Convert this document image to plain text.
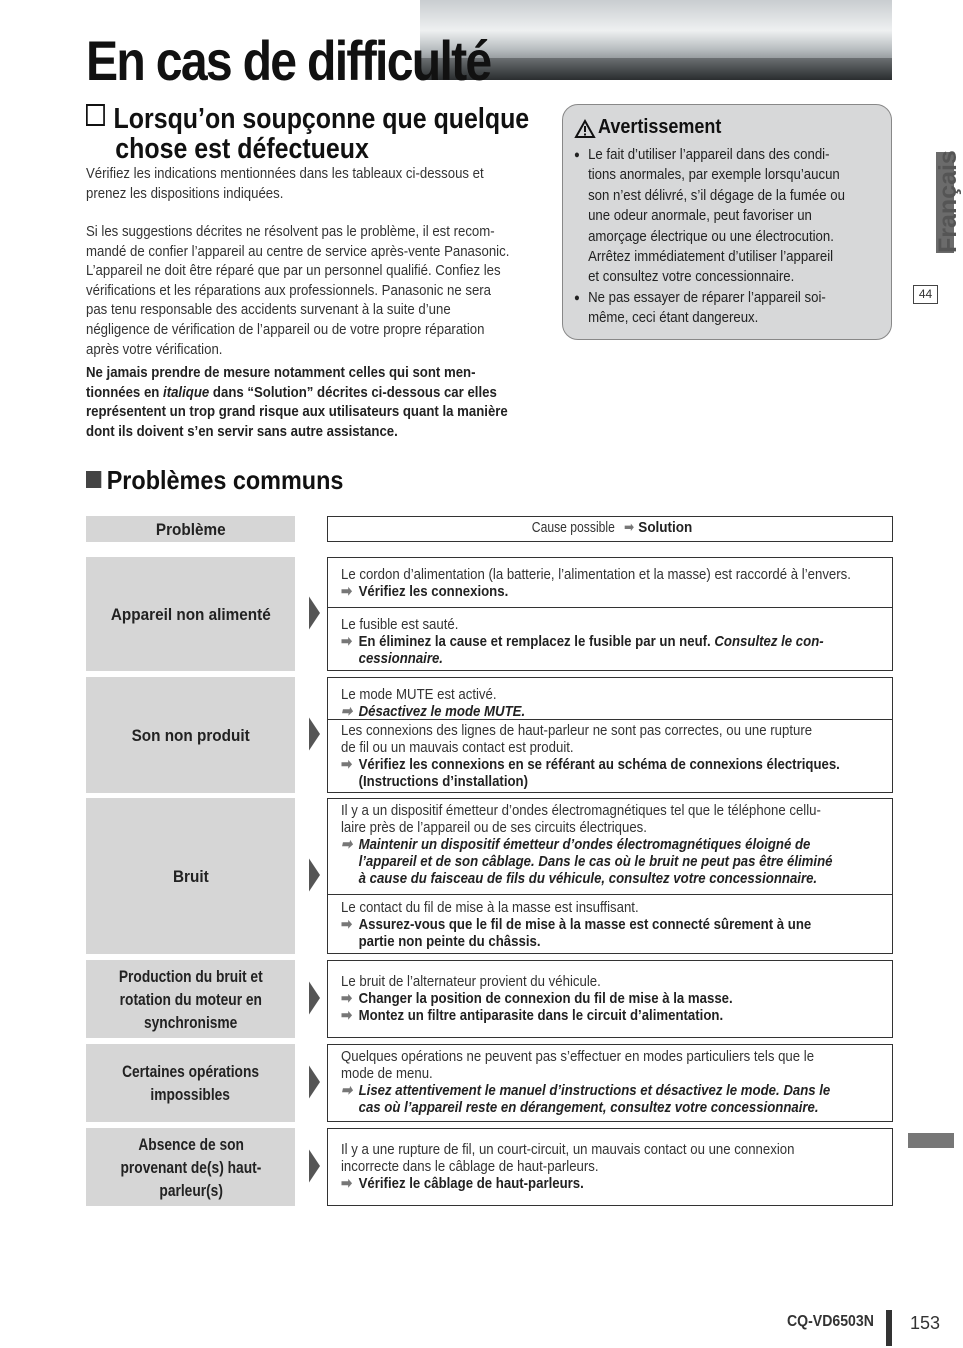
En cas de difficulté
Lorsqu’on soupçonne que quelque
chose est défectueux
Vérifiez les indications mentionnées dans les tableaux ci-dessous et
prenez les dispositions indiquées.
Si les suggestions décrites ne résolvent pas le problème, il est recom-
mandé de confier l’appareil au centre de service après-vente Panasonic.
L’appareil ne doit être réparé que par un personnel qualifié. Confiez les
vérifications et les réparations aux professionnels. Panasonic ne sera
pas tenu responsable des accidents survenant à la suite d’une
négligence de vérification de l’appareil ou de votre propre réparation
après votre vérification.
Ne jamais prendre de mesure notamment celles qui sont men-
tionnées en italique dans “Solution” décrites ci-dessous car elles
représentent un trop grand risque aux utilisateurs quant la manière
dont ils doivent s’en servir sans autre assistance.
Avertissement
● Le fait d’utiliser l’appareil dans des condi-
tions anormales, par exemple lorsqu’aucun
son n’est délivré, s’il dégage de la fumée ou
une odeur anormale, peut favoriser un
amorçage électrique ou une électrocution.
Arrêtez immédiatement d’utiliser l’appareil
et consultez votre concessionnaire.
● Ne pas essayer de réparer l’appareil soi-
même, ceci étant dangereux.
Français
44
Problèmes communs
Problème	Cause possible ➡ Solution
Appareil non alimenté
Le cordon d’alimentation (la batterie, l’alimentation et la masse) est raccordé à l’envers.
➡ Vérifiez les connexions.
Le fusible est sauté.
➡ En éliminez la cause et remplacez le fusible par un neuf. Consultez le con-
cessionnaire.
Son non produit
Le mode MUTE est activé.
➡ Désactivez le mode MUTE.
Les connexions des lignes de haut-parleur ne sont pas correctes, ou une rupture
de fil ou un mauvais contact est produit.
➡ Vérifiez les connexions en se référant au schéma de connexions électriques.
(Instructions d’installation)
Bruit
Il y a un dispositif émetteur d’ondes électromagnétiques tel que le téléphone cellu-
laire près de l’appareil ou de ses circuits électriques.
➡ Maintenir un dispositif émetteur d’ondes électromagnétiques éloigné de
l’appareil et de son câblage. Dans le cas où le bruit ne peut pas être éliminé
à cause du faisceau de fils du véhicule, consultez votre concessionnaire.
Le contact du fil de mise à la masse est insuffisant.
➡ Assurez-vous que le fil de mise à la masse est connecté sûrement à une
partie non peinte du châssis.
Production du bruit et
rotation du moteur en
synchronisme
Le bruit de l’alternateur provient du véhicule.
➡ Changer la position de connexion du fil de mise à la masse.
➡ Montez un filtre antiparasite dans le circuit d’alimentation.
Certaines opérations
impossibles
Quelques opérations ne peuvent pas s’effectuer en modes particuliers tels que le
mode de menu.
➡ Lisez attentivement le manuel d’instructions et désactivez le mode. Dans le
cas où l’appareil reste en dérangement, consultez votre concessionnaire.
Absence de son
provenant de(s) haut-
parleur(s)
Il y a une rupture de fil, un court-circuit, un mauvais contact ou une connexion
incorrecte dans le câblage de haut-parleurs.
➡ Vérifiez le câblage de haut-parleurs.
CQ-VD6503N 153
